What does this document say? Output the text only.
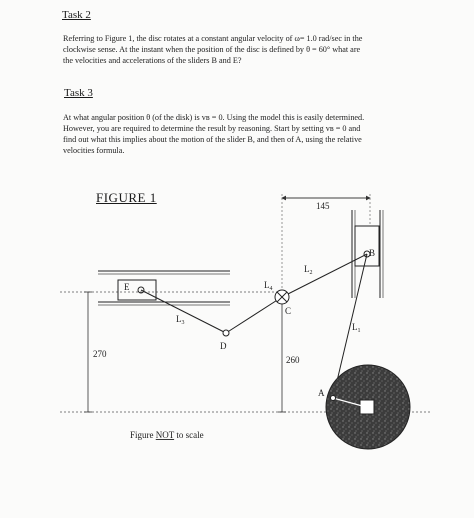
Task 2
Referring to Figure 1, the disc rotates at a constant angular velocity of ω= 1.0 rad/sec in the
clockwise sense. At the instant when the position of the disc is defined by θ = 60° what are
the velocities and accelerations of the sliders B and E?
Task 3
At what angular position θ (of the disk) is vʙ = 0. Using the model this is easily determined.
However, you are required to determine the result by reasoning. Start by setting vʙ = 0 and
find out what this implies about the motion of the slider B, and then of A, using the relative
velocities formula.
FIGURE 1
E
B
D
C
A
$L_2$
$L_4$
$L_3$	$L_1$
145
270
260
Figure NOT to scale
